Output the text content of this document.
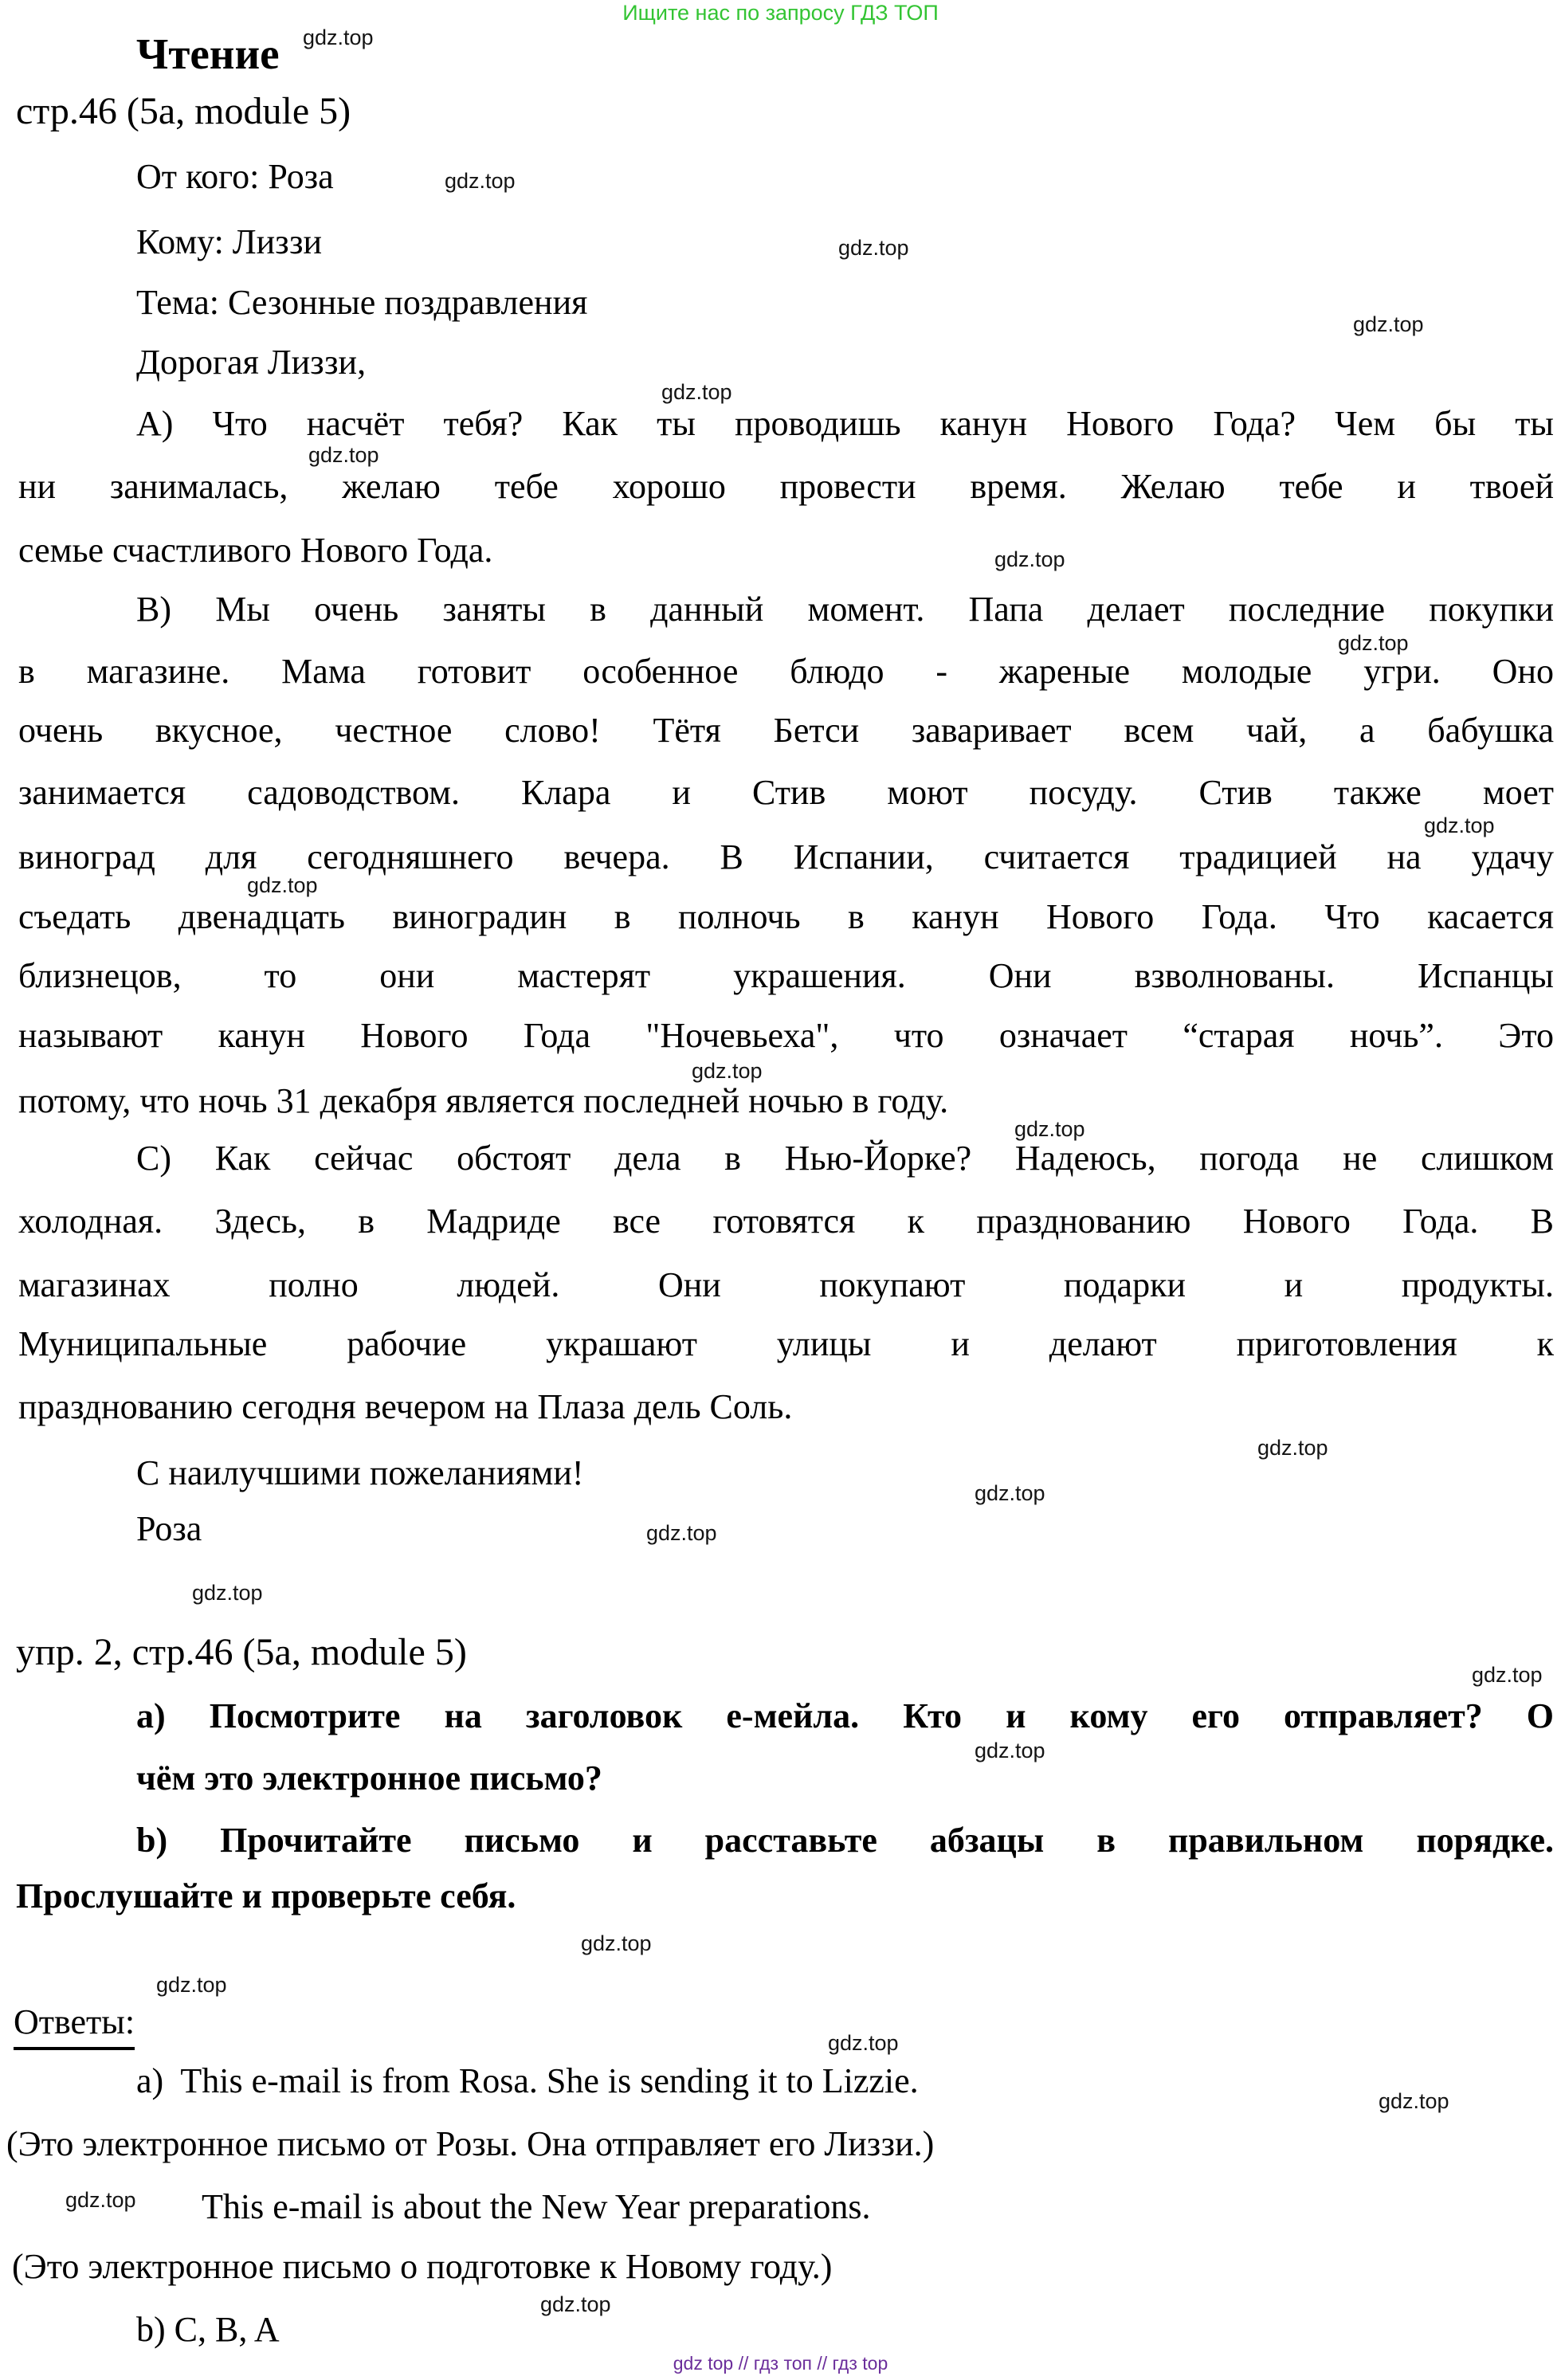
Ищите нас по запросу ГДЗ ТОП
Чтение
стр.46 (5a, module 5)
От кого: Роза
Кому: Лиззи
Тема: Сезонные поздравления
Дорогая Лиззи,
А) Что насчёт тебя? Как ты проводишь канун Нового Года? Чем бы ты
ни занималась, желаю тебе хорошо провести время. Желаю тебе и твоей
семье счастливого Нового Года.
В) Мы очень заняты в данный момент. Папа делает последние покупки
в магазине. Мама готовит особенное блюдо - жареные молодые угри. Оно
очень вкусное, честное слово! Тётя Бетси заваривает всем чай, а бабушка
занимается садоводством. Клара и Стив моют посуду. Стив также моет
виноград для сегодняшнего вечера. В Испании, считается традицией на удачу
съедать двенадцать виноградин в полночь в канун Нового Года. Что касается
близнецов, то они мастерят украшения. Они взволнованы. Испанцы
называют канун Нового Года "Ночевьеха", что означает “старая ночь”. Это
потому, что ночь 31 декабря является последней ночью в году.
С) Как сейчас обстоят дела в Нью-Йорке? Надеюсь, погода не слишком
холодная. Здесь, в Мадриде все готовятся к празднованию Нового Года. В
магазинах полно людей. Они покупают подарки и продукты.
Муниципальные рабочие украшают улицы и делают приготовления к
празднованию сегодня вечером на Плаза дель Соль.
С наилучшими пожеланиями!
Роза
упр. 2, стр.46 (5a, module 5)
a) Посмотрите на заголовок е-мейла. Кто и кому его отправляет? О
чём это электронное письмо?
b) Прочитайте письмо и расставьте абзацы в правильном порядке.
Прослушайте и проверьте себя.
Ответы:
a)  This e-mail is from Rosa. She is sending it to Lizzie.
(Это электронное письмо от Розы. Она отправляет его Лиззи.)
This e-mail is about the New Year preparations.
(Это электронное письмо о подготовке к Новому году.)
b) C, B, A
gdz.top
gdz.top
gdz.top
gdz.top
gdz.top
gdz.top
gdz.top
gdz.top
gdz.top
gdz.top
gdz.top
gdz.top
gdz.top
gdz.top
gdz.top
gdz.top
gdz.top
gdz.top
gdz.top
gdz.top
gdz.top
gdz.top
gdz.top
gdz.top
gdz top // гдз топ // гдз top
